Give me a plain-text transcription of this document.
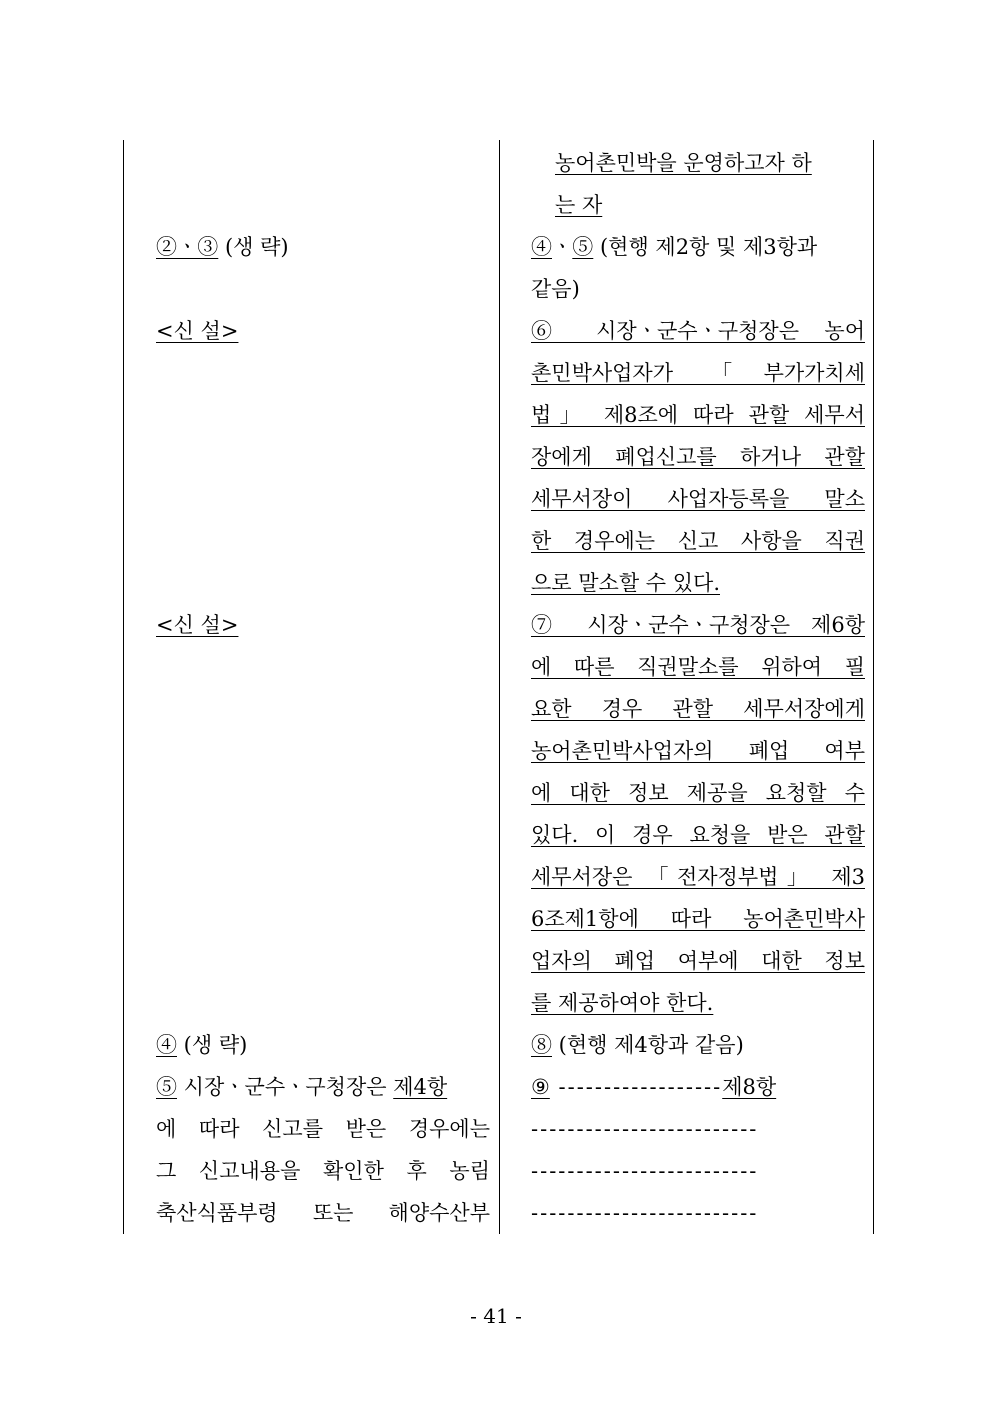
②ㆍ③ (생 략)
<신 설>
<신 설>
④ (생 략)
⑤ 시장ㆍ군수ㆍ구청장은 제4항
에 따라 신고를 받은 경우에는
그 신고내용을 확인한 후 농림
축산식품부령 또는 해양수산부
농어촌민박을 운영하고자 하
는 자
④ㆍ⑤ (현행 제2항 및 제3항과
같음)
⑥ 시장ㆍ군수ㆍ구청장은 농어
촌민박사업자가 「부가가치세
법」 제8조에 따라 관할 세무서
장에게 폐업신고를 하거나 관할
세무서장이 사업자등록을 말소
한 경우에는 신고 사항을 직권
으로 말소할 수 있다.
⑦ 시장ㆍ군수ㆍ구청장은 제6항
에 따른 직권말소를 위하여 필
요한 경우 관할 세무서장에게
농어촌민박사업자의 폐업 여부
에 대한 정보 제공을 요청할 수
있다. 이 경우 요청을 받은 관할
세무서장은 「전자정부법」 제3
6조제1항에 따라 농어촌민박사
업자의 폐업 여부에 대한 정보
를 제공하여야 한다.
⑧ (현행 제4항과 같음)
⑨ ------------------제8항
-------------------------
-------------------------
-------------------------
- 41 -
